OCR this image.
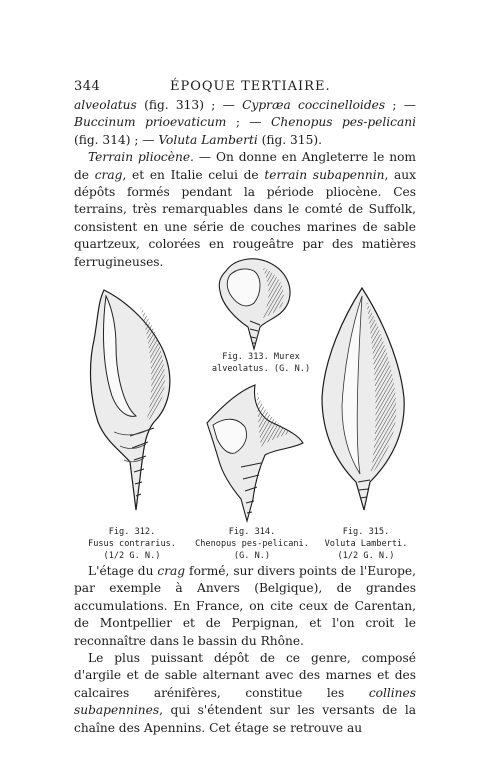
344	ÉPOQUE TERTIAIRE.

alveolatus (fig. 313) ; — Cypræa coccinelloides ; — Buccinum prioevaticum ; — Chenopus pes-pelicani (fig. 314) ; — Voluta Lamberti (fig. 315).

Terrain pliocène. — On donne en Angleterre le nom de crag, et en Italie celui de terrain subapennin, aux dépôts formés pendant la période pliocène. Ces terrains, très remarquables dans le comté de Suffolk, consistent en une série de couches marines de sable quartzeux, colorées en rougeâtre par des matières ferrugineuses.

Fig. 313. Murex
alveolatus. (G. N.)
Fig. 312.
Fusus contrarius.
(1/2 G. N.)
Fig. 314.
Chenopus pes-pelicani.
(G. N.)
Fig. 315.
Voluta Lamberti.
(1/2 G. N.)

L'étage du crag formé, sur divers points de l'Europe, par exemple à Anvers (Belgique), de grandes accumulations. En France, on cite ceux de Carentan, de Montpellier et de Perpignan, et l'on croit le reconnaître dans le bassin du Rhône.

Le plus puissant dépôt de ce genre, composé d'argile et de sable alternant avec des marnes et des calcaires arénifères, constitue les collines subapennines, qui s'étendent sur les versants de la chaîne des Apennins. Cet étage se retrouve au
